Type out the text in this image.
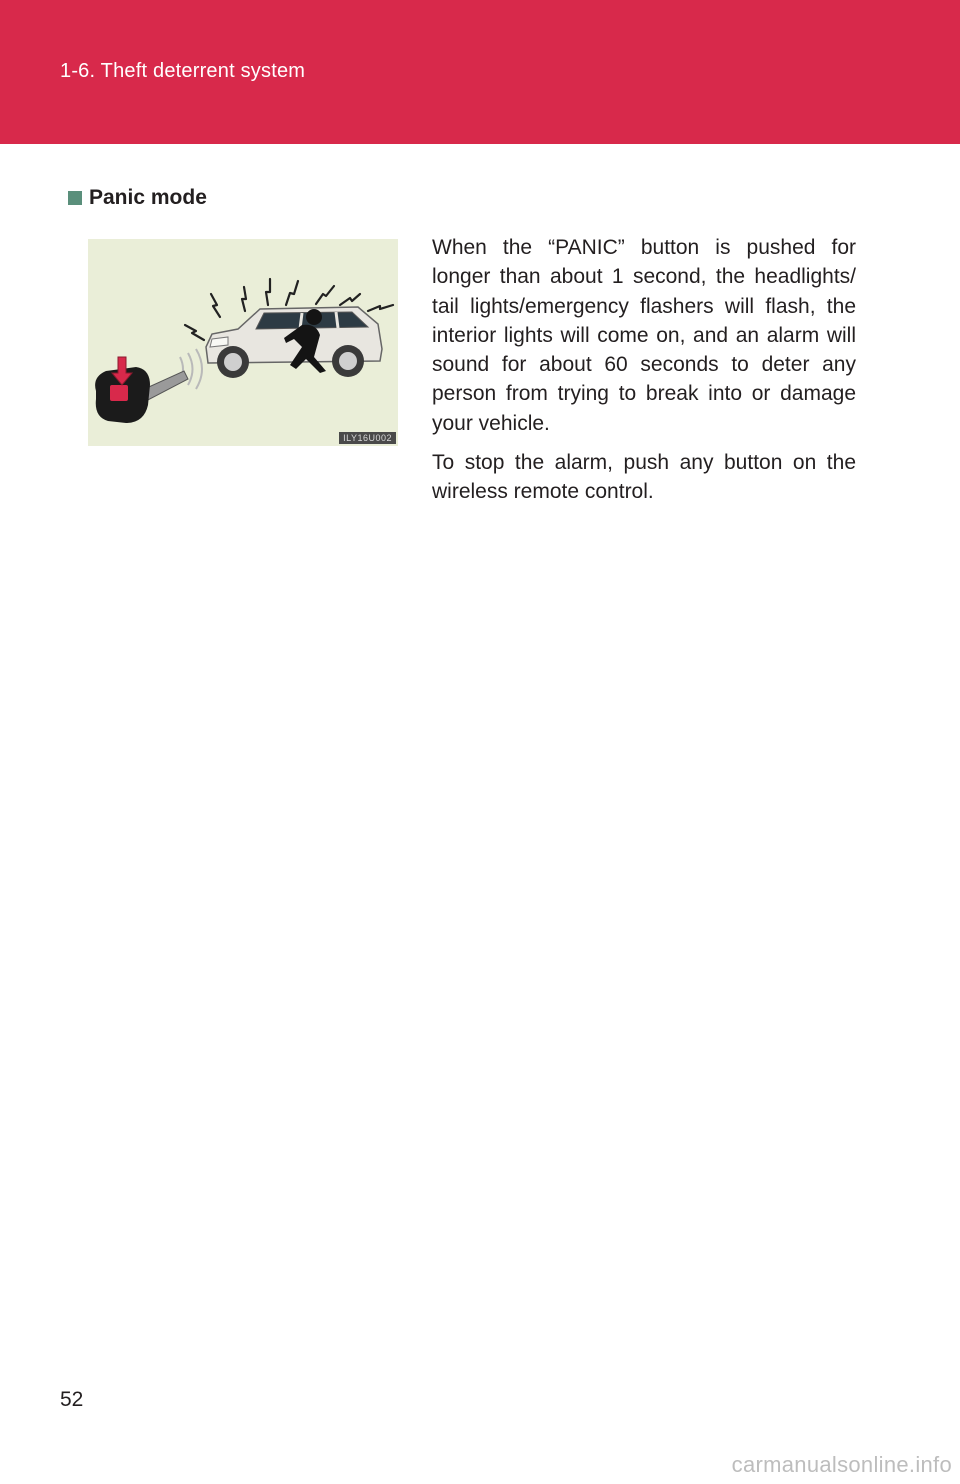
1-6. Theft deterrent system
Panic mode
ILY16U002

When the “PANIC” button is pushed for longer than about 1 second, the headlights/ tail lights/emergency flashers will flash, the interior lights will come on, and an alarm will sound for about 60 seconds to deter any person from trying to break into or damage your vehicle.

To stop the alarm, push any button on the wireless remote control.

52
carmanualsonline.info
